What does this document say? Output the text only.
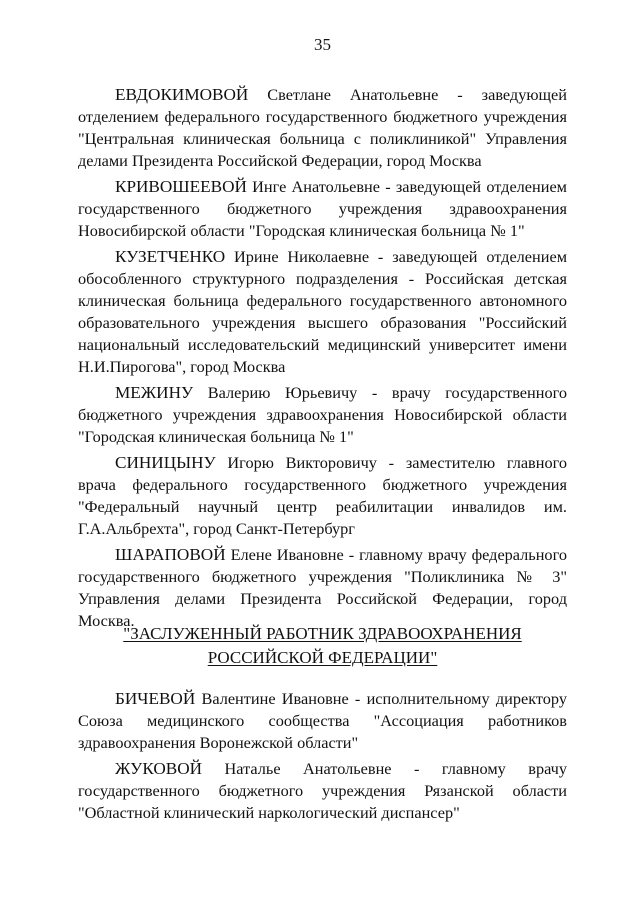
35

ЕВДОКИМОВОЙ Светлане Анатольевне - заведующей отделением федерального государственного бюджетного учреждения "Центральная клиническая больница с поликлиникой" Управления делами Президента Российской Федерации, город Москва

КРИВОШЕЕВОЙ Инге Анатольевне - заведующей отделением государственного бюджетного учреждения здравоохранения Новосибирской области "Городская клиническая больница № 1"

КУЗЕТЧЕНКО Ирине Николаевне - заведующей отделением обособленного структурного подразделения - Российская детская клиническая больница федерального государственного автономного образовательного учреждения высшего образования "Российский национальный исследовательский медицинский университет имени Н.И.Пирогова", город Москва

МЕЖИНУ Валерию Юрьевичу - врачу государственного бюджетного учреждения здравоохранения Новосибирской области "Городская клиническая больница № 1"

СИНИЦЫНУ Игорю Викторовичу - заместителю главного врача федерального государственного бюджетного учреждения "Федеральный научный центр реабилитации инвалидов им. Г.А.Альбрехта", город Санкт-Петербург

ШАРАПОВОЙ Елене Ивановне - главному врачу федерального государственного бюджетного учреждения "Поликлиника № 3" Управления делами Президента Российской Федерации, город Москва.

"ЗАСЛУЖЕННЫЙ РАБОТНИК ЗДРАВООХРАНЕНИЯ
РОССИЙСКОЙ ФЕДЕРАЦИИ"

БИЧЕВОЙ Валентине Ивановне - исполнительному директору Союза медицинского сообщества "Ассоциация работников здравоохранения Воронежской области"

ЖУКОВОЙ Наталье Анатольевне - главному врачу государственного бюджетного учреждения Рязанской области "Областной клинический наркологический диспансер"
